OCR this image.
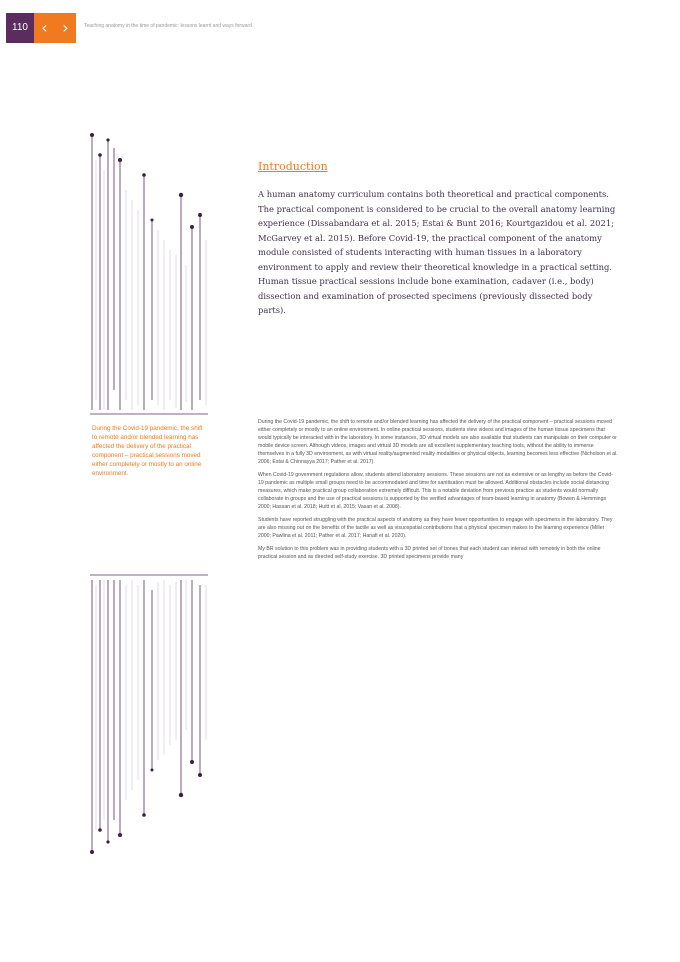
110 ‹ ›	Teaching anatomy in the time of pandemic: lessons learnt and ways forward
During the Covid-19 pandemic, the shift to remote and/or blended learning has affected the delivery of the practical component – practical sessions moved either completely or mostly to an online environment.
Introduction

A human anatomy curriculum contains both theoretical and practical components. The practical component is considered to be crucial to the overall anatomy learning experience (Dissabandara et al. 2015; Estai & Bunt 2016; Kourtgazidou et al. 2021; McGarvey et al. 2015). Before Covid-19, the practical component of the anatomy module consisted of students interacting with human tissues in a laboratory environment to apply and review their theoretical knowledge in a practical setting. Human tissue practical sessions include bone examination, cadaver (i.e., body) dissection and examination of prosected specimens (previously dissected body parts).

During the Covid-19 pandemic, the shift to remote and/or blended learning has affected the delivery of the practical component – practical sessions moved either completely or mostly to an online environment. In online practical sessions, students view videos and images of the human tissue specimens that would typically be interacted with in the laboratory. In some instances, 3D virtual models are also available that students can manipulate on their computer or mobile device screen. Although videos, images and virtual 3D models are all excellent supplementary teaching tools, without the ability to immerse themselves in a fully 3D environment, as with virtual reality/augmented reality modalities or physical objects, learning becomes less effective (Nicholson et al. 2006; Estai & Chinnayya 2017; Pather et al. 2017).

When Covid-19 government regulations allow, students attend laboratory sessions. These sessions are not as extensive or as lengthy as before the Covid-19 pandemic as multiple small groups need to be accommodated and time for sanitisation must be allowed. Additional obstacles include social distancing measures, which make practical group collaboration extremely difficult. This is a notable deviation from previous practice as students would normally collaborate in groups and the use of practical sessions is supported by the verified advantages of team-based learning in anatomy (Bowen & Hemmings 2000; Hassan et al. 2018; Huitt et al. 2015; Vasan et al. 2008).

Students have reported struggling with the practical aspects of anatomy as they have fewer opportunities to engage with specimens in the laboratory. They are also missing out on the benefits of the tactile as well as visuospatial contributions that a physical specimen makes to the learning experience (Miller 2000; Pawlina et al. 2011; Pather et al. 2017; Hanafi et al. 2020).

My BR solution to this problem was in providing students with a 3D printed set of bones that each student can interact with remotely in both the online practical session and as directed self-study exercise. 3D printed specimens provide many
